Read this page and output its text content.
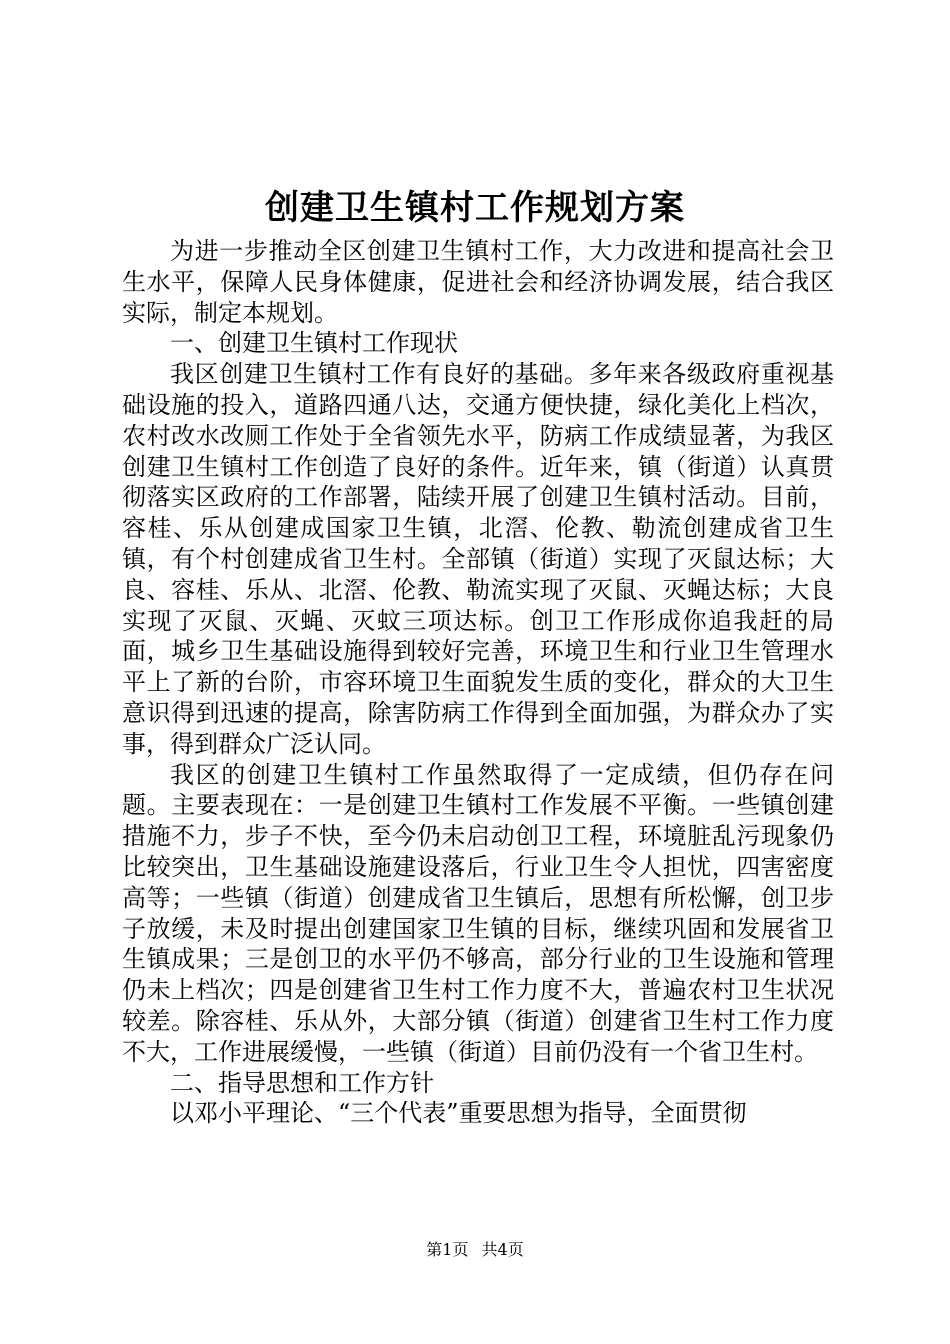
创建卫生镇村工作规划方案

为进一步推动全区创建卫生镇村工作，大力改进和提高社会卫生水平，保障人民身体健康，促进社会和经济协调发展，结合我区实际，制定本规划。

一、创建卫生镇村工作现状

我区创建卫生镇村工作有良好的基础。多年来各级政府重视基础设施的投入，道路四通八达，交通方便快捷，绿化美化上档次，农村改水改厕工作处于全省领先水平，防病工作成绩显著，为我区创建卫生镇村工作创造了良好的条件。近年来，镇（街道）认真贯彻落实区政府的工作部署，陆续开展了创建卫生镇村活动。目前，容桂、乐从创建成国家卫生镇，北滘、伦教、勒流创建成省卫生镇，有个村创建成省卫生村。全部镇（街道）实现了灭鼠达标；大良、容桂、乐从、北滘、伦教、勒流实现了灭鼠、灭蝇达标；大良实现了灭鼠、灭蝇、灭蚊三项达标。创卫工作形成你追我赶的局面，城乡卫生基础设施得到较好完善，环境卫生和行业卫生管理水平上了新的台阶，市容环境卫生面貌发生质的变化，群众的大卫生意识得到迅速的提高，除害防病工作得到全面加强，为群众办了实事，得到群众广泛认同。

我区的创建卫生镇村工作虽然取得了一定成绩，但仍存在问题。主要表现在：一是创建卫生镇村工作发展不平衡。一些镇创建措施不力，步子不快，至今仍未启动创卫工程，环境脏乱污现象仍比较突出，卫生基础设施建设落后，行业卫生令人担忧，四害密度高等；一些镇（街道）创建成省卫生镇后，思想有所松懈，创卫步子放缓，未及时提出创建国家卫生镇的目标，继续巩固和发展省卫生镇成果；三是创卫的水平仍不够高，部分行业的卫生设施和管理仍未上档次；四是创建省卫生村工作力度不大，普遍农村卫生状况较差。除容桂、乐从外，大部分镇（街道）创建省卫生村工作力度不大，工作进展缓慢，一些镇（街道）目前仍没有一个省卫生村。

二、指导思想和工作方针

以邓小平理论、“三个代表”重要思想为指导，全面贯彻

第1页 共4页
